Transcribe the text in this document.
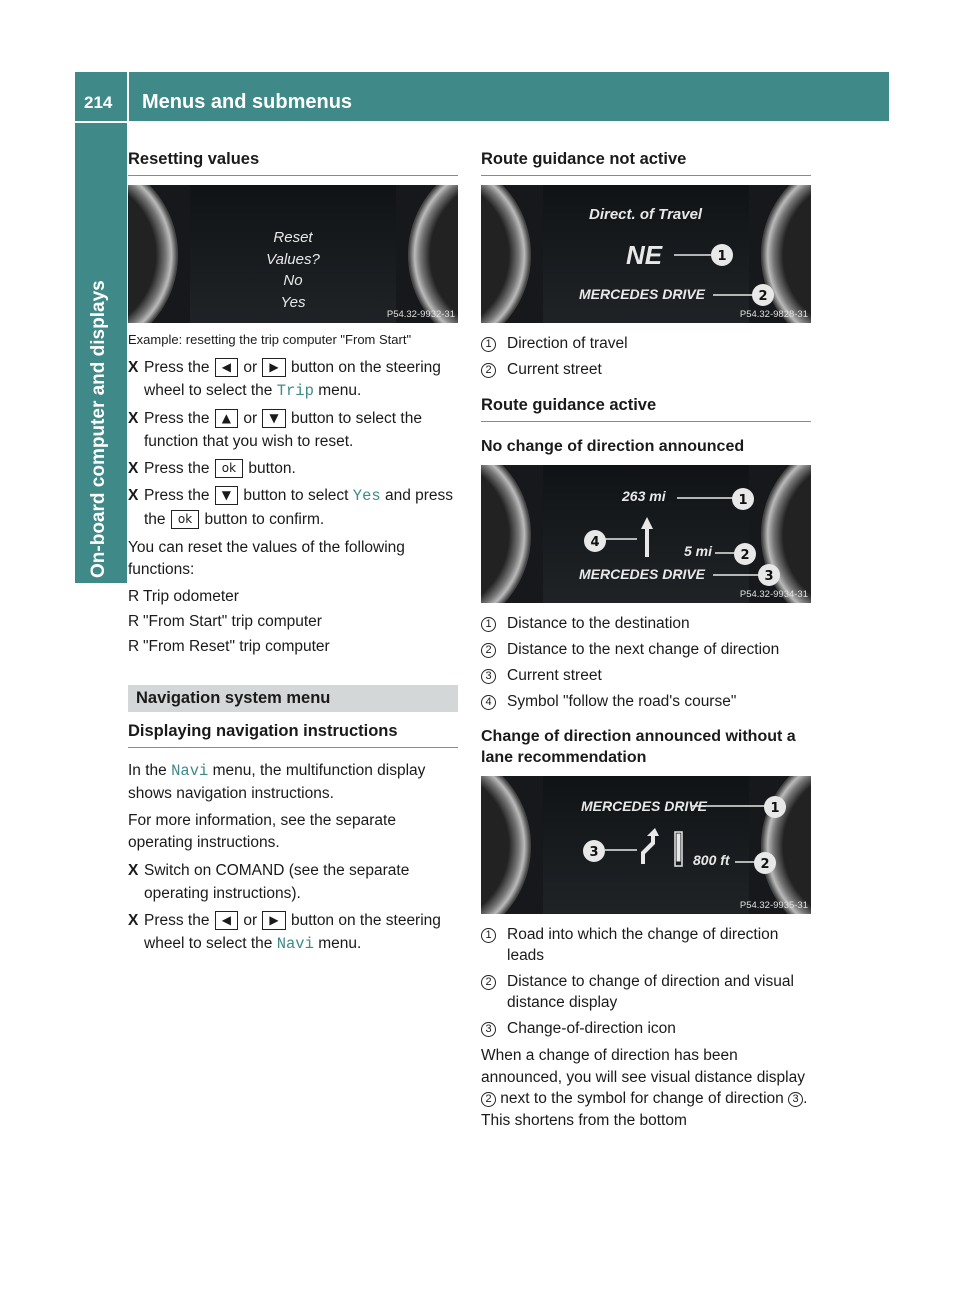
214 Menus and submenus
On-board computer and displays
Resetting values
Reset
Values?
No
Yes
P54.32-9932-31
Example: resetting the trip computer "From Start"
X Press the ◀ or ▶ button on the steering wheel to select the Trip menu.
X Press the ▲ or ▼ button to select the function that you wish to reset.
X Press the ok button.
X Press the ▼ button to select Yes and press the ok button to confirm.

You can reset the values of the following functions:

R Trip odometer
R "From Start" trip computer
R "From Reset" trip computer
Navigation system menu
Displaying navigation instructions

In the Navi menu, the multifunction display shows navigation instructions.

For more information, see the separate operating instructions.

X Switch on COMAND (see the separate operating instructions).
X Press the ◀ or ▶ button on the steering wheel to select the Navi menu.
Route guidance not active
Direct. of Travel
NE
MERCEDES DRIVE
1
2
P54.32-9828-31
1 Direction of travel
2 Current street
Route guidance active
No change of direction announced
263 mi
5 mi
MERCEDES DRIVE
4
1
2
3
P54.32-9934-31
1 Distance to the destination
2 Distance to the next change of direction
3 Current street
4 Symbol "follow the road's course"
Change of direction announced without a lane recommendation
MERCEDES DRIVE
800 ft
1
3
2
P54.32-9935-31
1 Road into which the change of direction leads
2 Distance to change of direction and visual distance display
3 Change-of-direction icon

When a change of direction has been announced, you will see visual distance display 2 next to the symbol for change of direction 3 . This shortens from the bottom
